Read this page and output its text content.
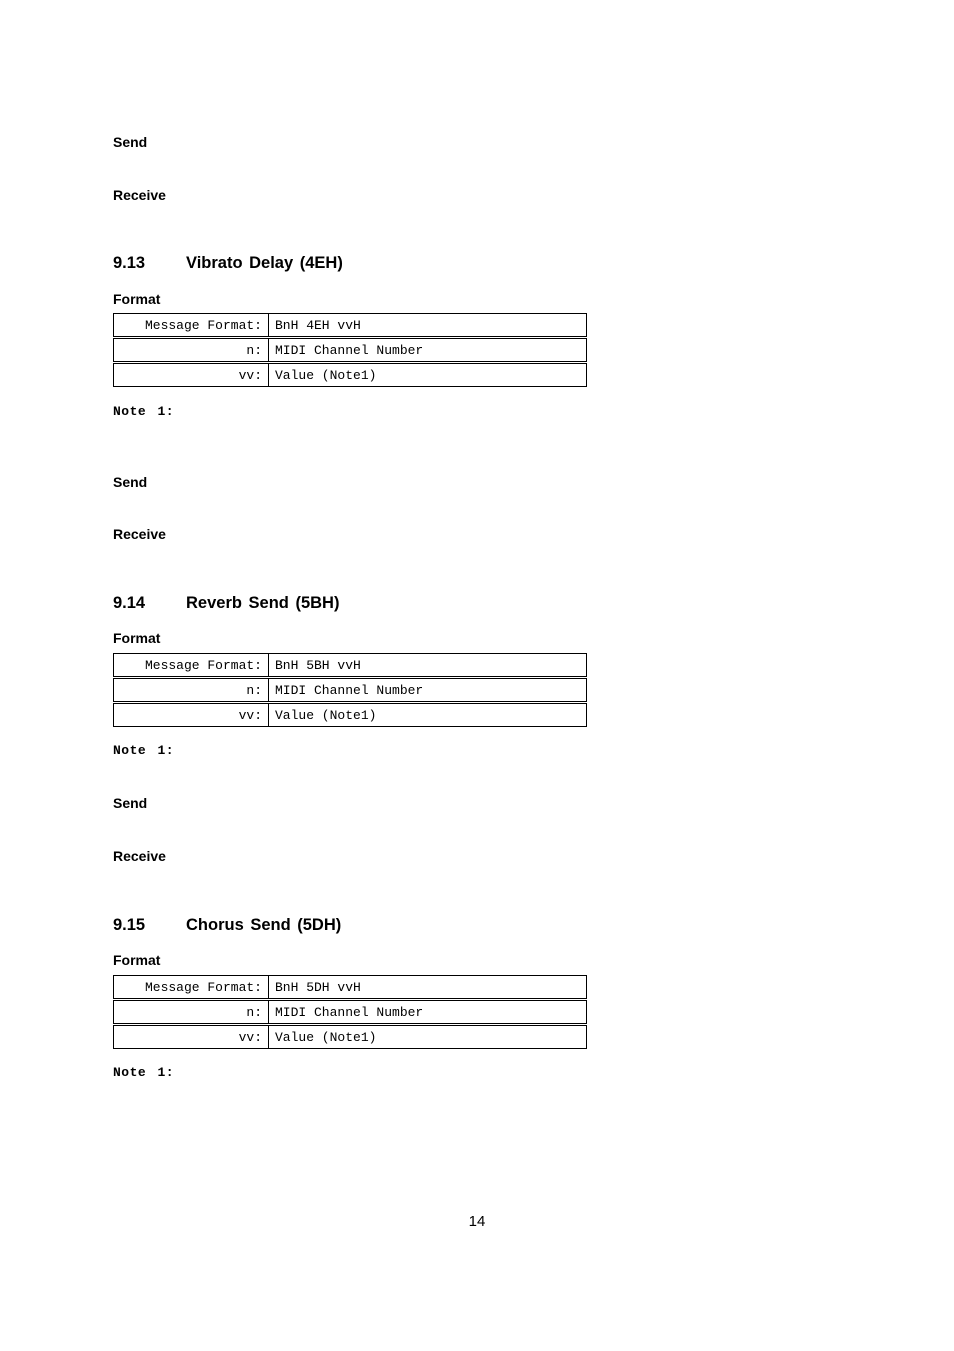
Send
Receive
9.13 Vibrato Delay (4EH)
Format
Message Format:	BnH 4EH vvH
n:	MIDI Channel Number
vv:	Value (Note1)
Note 1:
Send
Receive
9.14 Reverb Send (5BH)
Format
Message Format:	BnH 5BH vvH
n:	MIDI Channel Number
vv:	Value (Note1)
Note 1:
Send
Receive
9.15 Chorus Send (5DH)
Format
Message Format:	BnH 5DH vvH
n:	MIDI Channel Number
vv:	Value (Note1)
Note 1:
14
